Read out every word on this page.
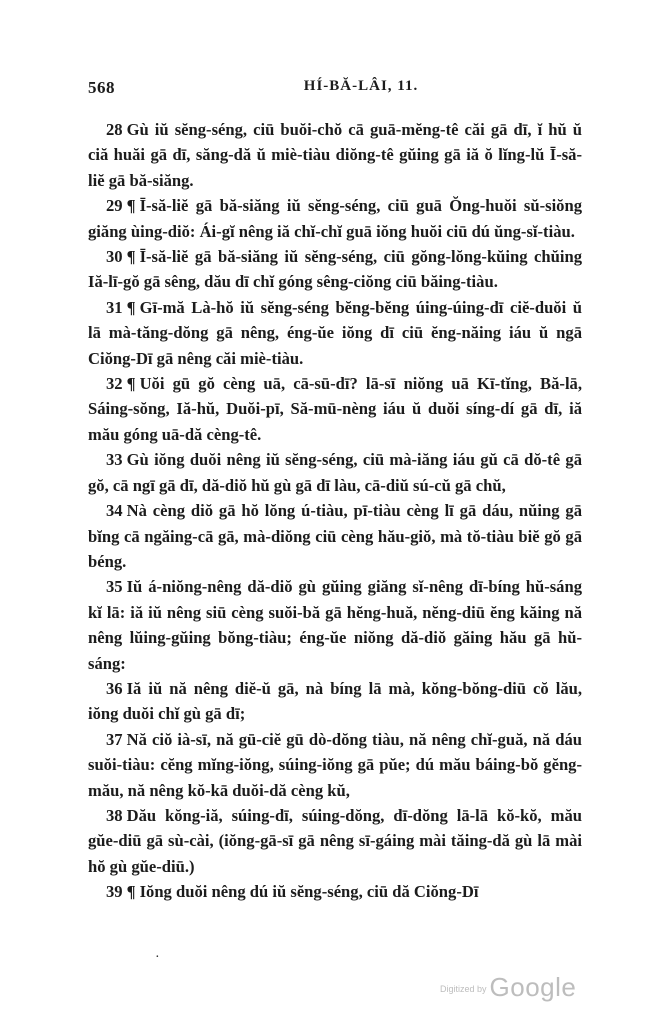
568	HÍ-BĂ-LÂI, 11.

28 Gù iŭ sĕng-séng, ciū buŏi-chŏ cā guā-mĕng-tê căi gā dī, ĭ hŭ ŭ ciă huăi gā dī, săng-dă ŭ miè-tiàu diŏng-tê gŭing gā iă ŏ lĭng-lŭ Ī-să-liĕ gā bă-siăng.

29 ¶ Ī-să-liĕ gā bă-siăng iŭ sĕng-séng, ciū guā Ŏng-huŏi sŭ-siŏng giăng ùing-diŏ: Ái-gĭ nêng iă chĭ-chĭ guā iŏng huŏi ciū dú ŭng-sĭ-tiàu.

30 ¶ Ī-să-liĕ gā bă-siăng iŭ sĕng-séng, ciū gŏng-lŏng-kŭing chŭing Iă-lī-gŏ gā sêng, dău dī chĭ góng sêng-ciŏng ciū băing-tiàu.

31 ¶ Gī-mă Là-hŏ iŭ sĕng-séng bĕng-bĕng úing-úing-dī ciĕ-duŏi ŭ lā mà-tăng-dŏng gā nêng, éng-ŭe iŏng dī ciū ĕng-năing iáu ŭ ngā Ciŏng-Dī gā nêng căi miè-tiàu.

32 ¶ Uŏi gū gŏ cèng uā, cā-sū-dī? lā-sī niŏng uā Kī-tĭng, Bă-lā, Sáing-sŏng, Iă-hŭ, Duŏi-pī, Să-mū-nèng iáu ŭ duŏi síng-dí gā dī, iă mău góng uā-dă cèng-tê.

33 Gù iŏng duŏi nêng iŭ sĕng-séng, ciū mà-iăng iáu gŭ cā dŏ-tê gā gŏ, cā ngī gā dī, dă-diŏ hŭ gù gā dī làu, cā-diŭ sú-cŭ gā chŭ,

34 Nà cèng diŏ gā hŏ lŏng ú-tiàu, pī-tiàu cèng lī gā dáu, nŭing gā bĭng cā ngăing-cā gā, mà-diŏng ciū cèng hău-giŏ, mà tŏ-tiàu biĕ gŏ gā béng.

35 Iŭ á-niŏng-nêng dă-diŏ gù gŭing giăng sĭ-nêng dī-bíng hŭ-sáng kĭ lā: iă iŭ nêng siū cèng suŏi-bă gā hĕng-huă, nĕng-diū ĕng kăing nă nêng lŭing-gŭing bŏng-tiàu; éng-ŭe niŏng dă-diŏ găing hău gā hŭ-sáng:

36 Iă iŭ nă nêng diĕ-ŭ gā, nà bíng lā mà, kŏng-bŏng-diū cŏ lău, iŏng duŏi chĭ gù gā dī;

37 Nă ciŏ ià-sī, nă gū-ciĕ gū dò-dŏng tiàu, nă nêng chĭ-guă, nă dáu suŏi-tiàu: cĕng mĭng-iŏng, súing-iŏng gā pŭe; dú mău báing-bŏ gĕng-mău, nă nêng kŏ-kā duŏi-dă cèng kŭ,

38 Dău kŏng-iă, súing-dī, súing-dŏng, dī-dŏng lā-lā kŏ-kŏ, mău gŭe-diū gā sù-cài, (iŏng-gā-sī gā nêng sī-gáing mài tăing-dă gù lā mài hŏ gù gŭe-diū.)

39 ¶ Iŏng duŏi nêng dú iŭ sĕng-séng, ciū dă Ciŏng-Dī

·
$^{Digitized by}$ Google
